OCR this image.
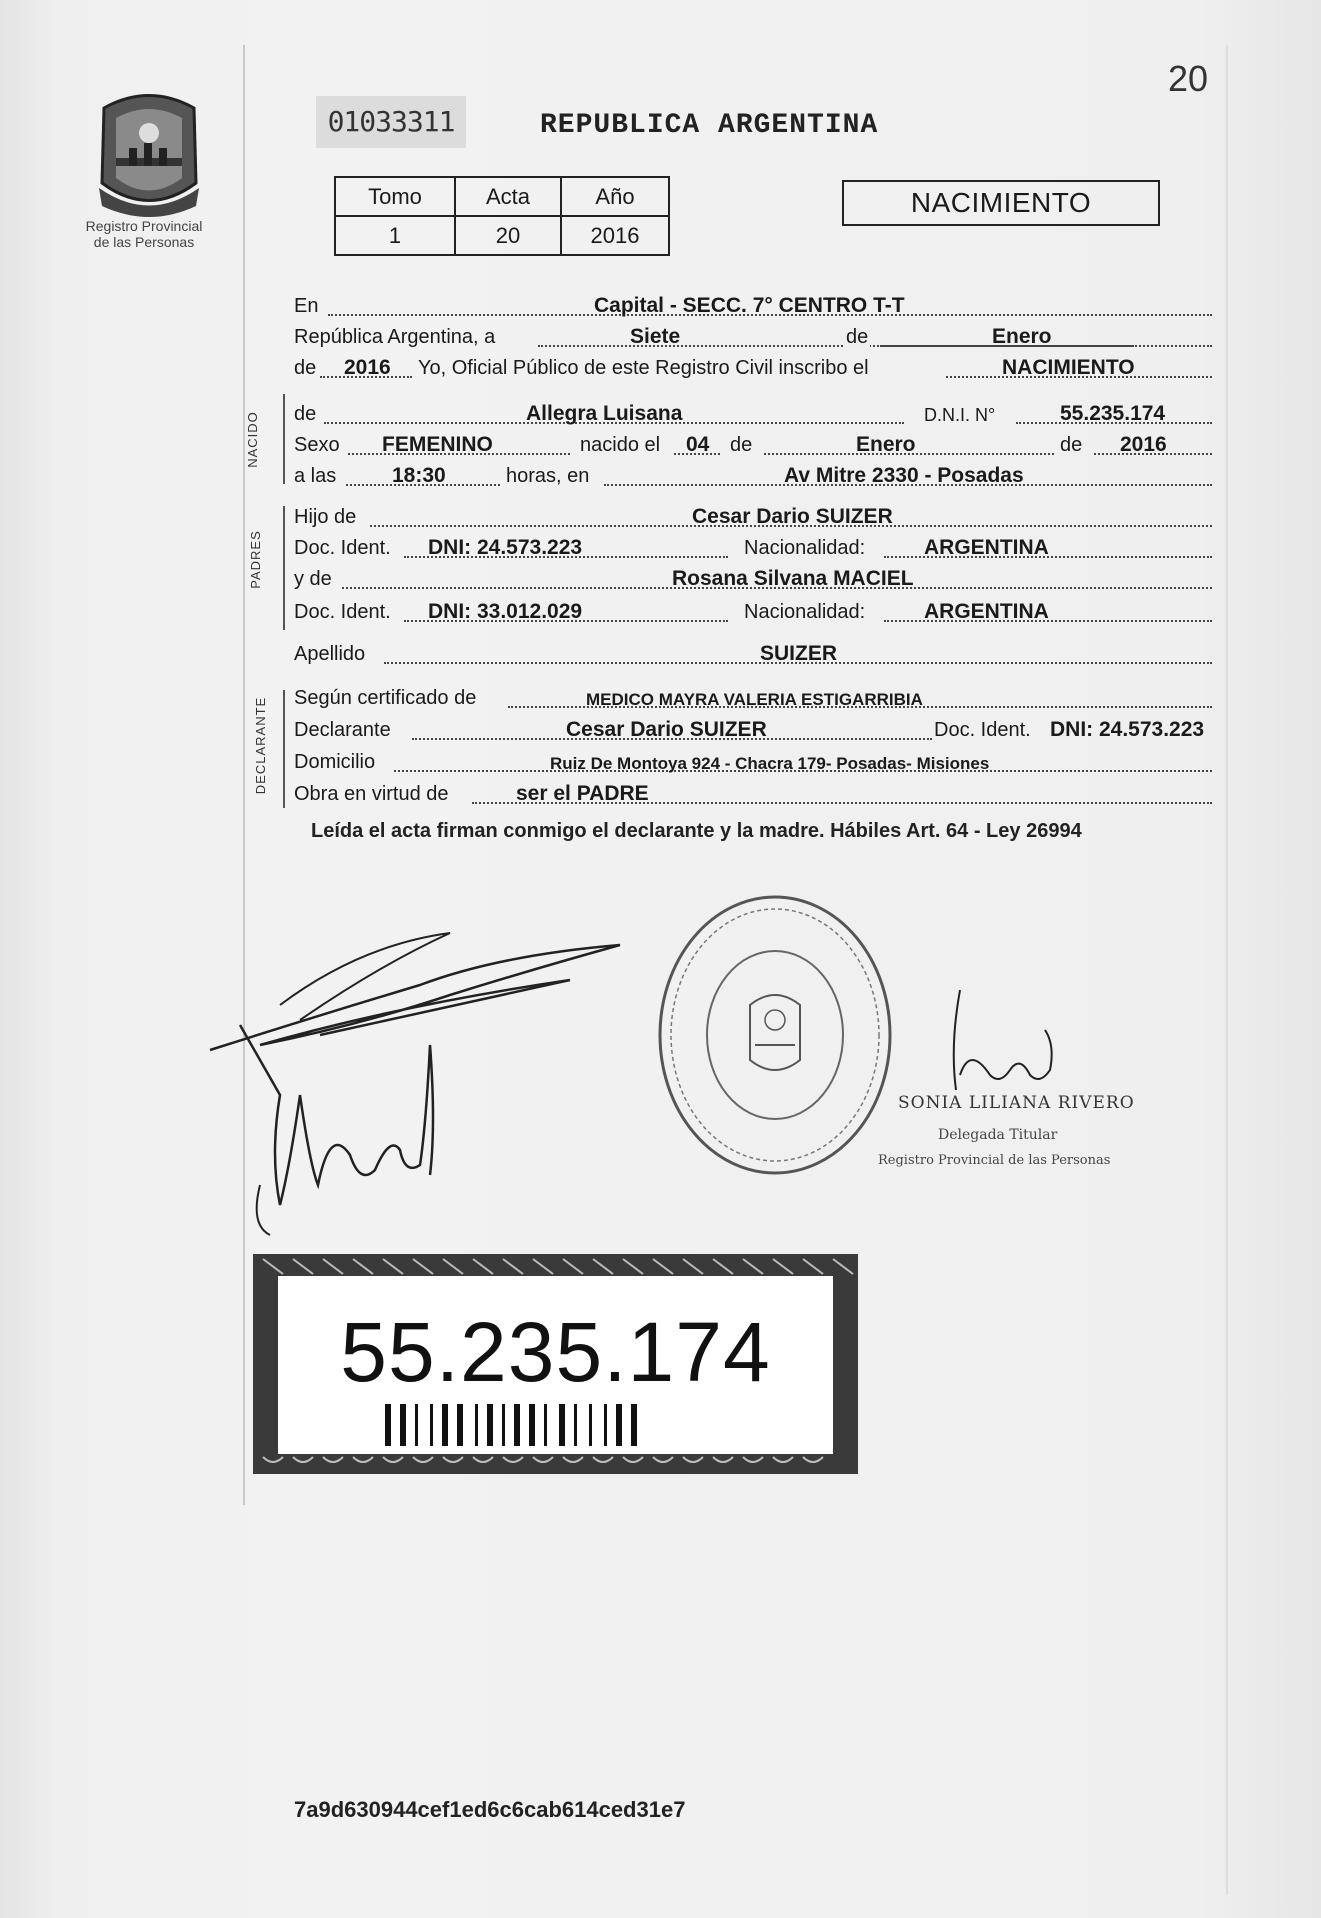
20
Registro Provincial
de las Personas
01033311	REPUBLICA ARGENTINA
Tomo	Acta	Año
1	20	2016
NACIMIENTO
En	Capital - SECC. 7° CENTRO T-T
República Argentina, a	Siete	de	Enero
de 2016 Yo, Oficial Público de este Registro Civil inscribo el	NACIMIENTO
NACIDO de	Allegra Luisana	D.N.I. N°	55.235.174
Sexo FEMENINO	nacido el 04 de	Enero	de 2016
a las	18:30	horas, en	Av Mitre 2330 - Posadas
PADRES
Hijo de	Cesar Dario SUIZER
Doc. Ident. DNI: 24.573.223	Nacionalidad:	ARGENTINA
y de	Rosana Silvana MACIEL
Doc. Ident. DNI: 33.012.029	Nacionalidad:	ARGENTINA
Apellido	SUIZER
DECLARANTE Según certificado de	MEDICO MAYRA VALERIA ESTIGARRIBIA
Declarante	Cesar Dario SUIZER	Doc. Ident. DNI: 24.573.223
Domicilio	Ruiz De Montoya 924 - Chacra 179- Posadas- Misiones
Obra en virtud de	ser el PADRE
Leída el acta firman conmigo el declarante y la madre. Hábiles Art. 64 - Ley 26994
SONIA LILIANA RIVERO
Delegada Titular
Registro Provincial de las Personas
55.235.174
7a9d630944cef1ed6c6cab614ced31e7
